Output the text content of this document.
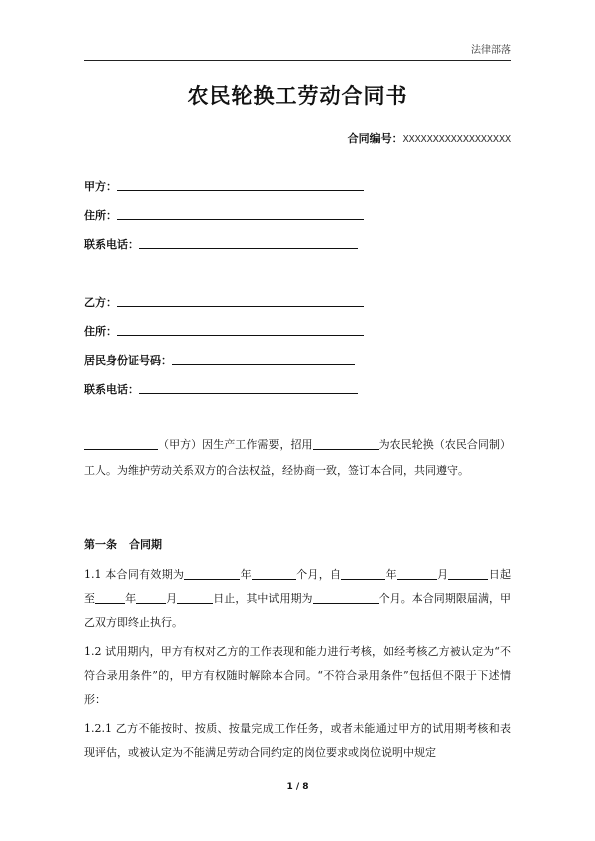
法律部落
农民轮换工劳动合同书
合同编号：XXXXXXXXXXXXXXXXXX
甲方：
住所：
联系电话：
乙方：
住所：
居民身份证号码：
联系电话：
（甲方）因生产工作需要，招用	为农民轮换（农民合同制）工人。为维护劳动关系双方的合法权益，经协商一致，签订本合同，共同遵守。
第一条 合同期
1.1 本合同有效期为	年	个月，自	年	月	日起至	年	月	日止，其中试用期为	个月。本合同期限届满，甲乙双方即终止执行。
1.2 试用期内，甲方有权对乙方的工作表现和能力进行考核，如经考核乙方被认定为“不符合录用条件”的，甲方有权随时解除本合同。“不符合录用条件”包括但不限于下述情形：
1.2.1 乙方不能按时、按质、按量完成工作任务，或者未能通过甲方的试用期考核和表现评估，或被认定为不能满足劳动合同约定的岗位要求或岗位说明中规定
1 / 8
